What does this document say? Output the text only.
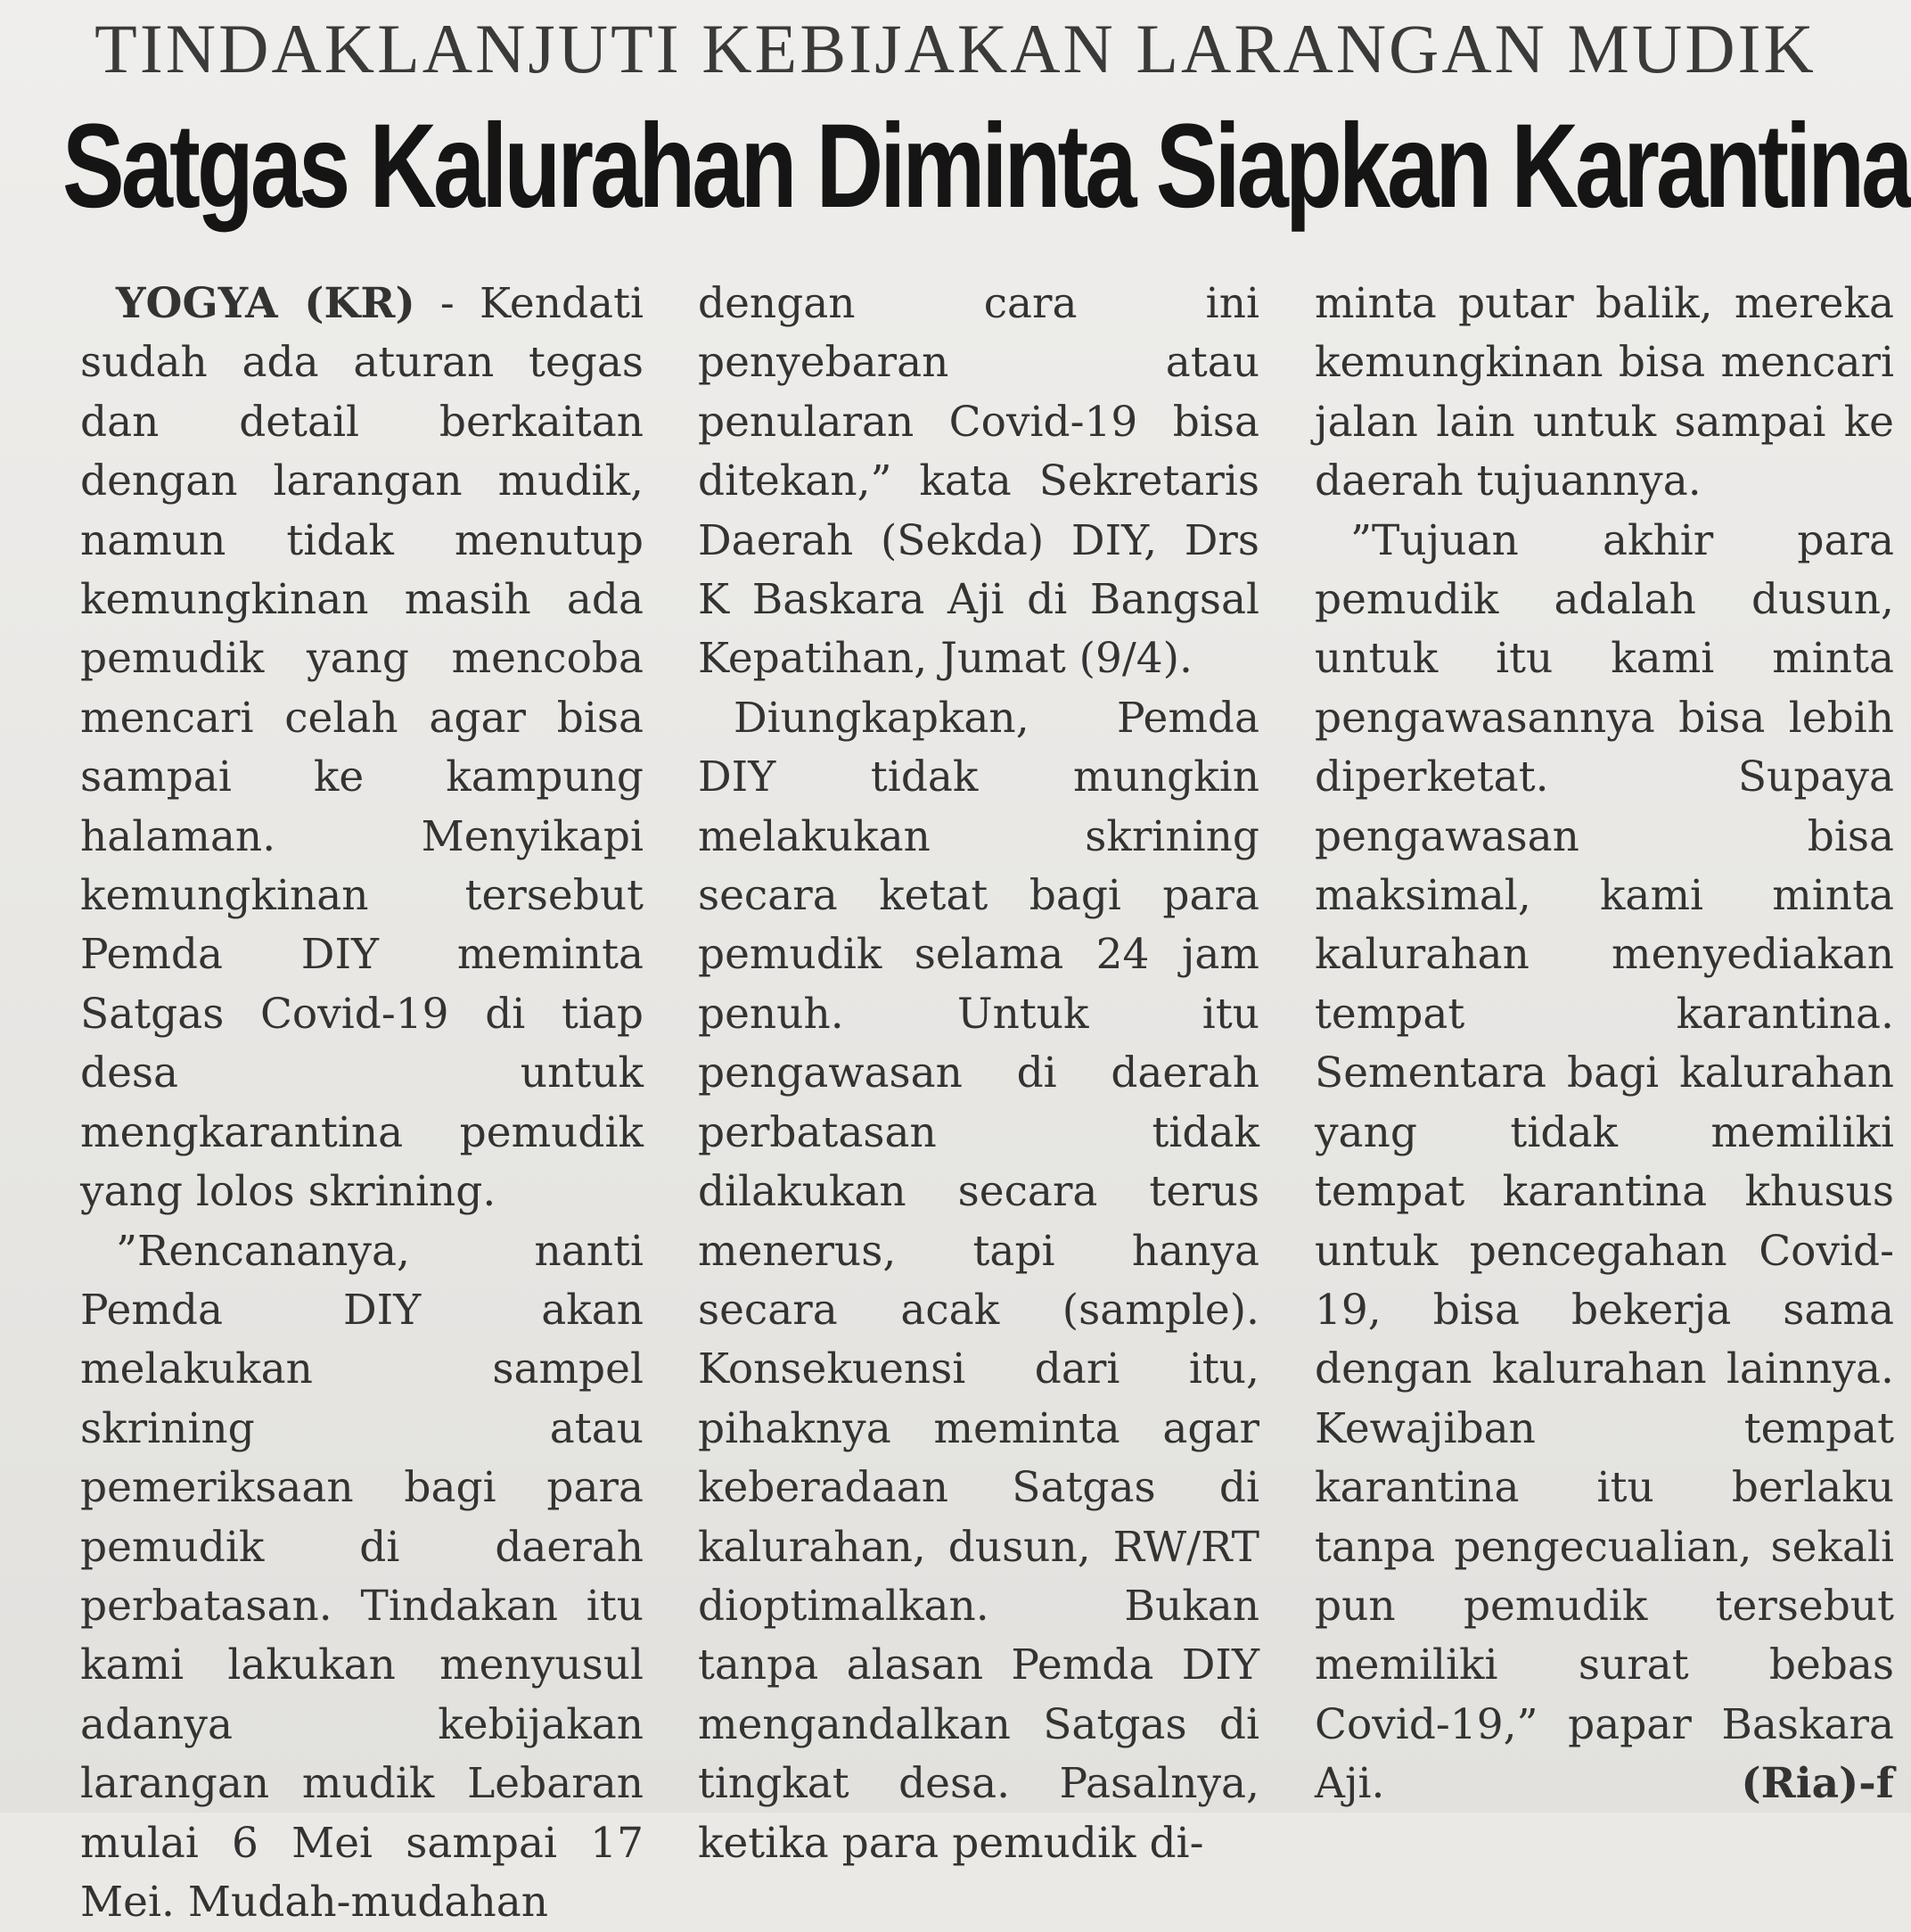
TINDAKLANJUTI KEBIJAKAN LARANGAN MUDIK
Satgas Kalurahan Diminta Siapkan Karantina

YOGYA (KR) - Kendati sudah ada aturan tegas dan detail berkaitan dengan larangan mudik, namun tidak menutup kemungkinan masih ada pemudik yang mencoba mencari celah agar bisa sampai ke kampung halaman. Menyikapi kemungkinan tersebut Pemda DIY meminta Satgas Covid-19 di tiap desa untuk mengkarantina pemudik yang lolos skrining.

”Rencananya, nanti Pemda DIY akan melakukan sampel skrining atau pemeriksaan bagi para pemudik di daerah perbatasan. Tindakan itu kami lakukan menyusul adanya kebijakan larangan mudik Lebaran mulai 6 Mei sampai 17 Mei. Mudah-mudahan

dengan cara ini penyebaran atau penularan Covid-19 bisa ditekan,” kata Sekretaris Daerah (Sekda) DIY, Drs K Baskara Aji di Bangsal Kepatihan, Jumat (9/4).

Diungkapkan, Pemda DIY tidak mungkin melakukan skrining secara ketat bagi para pemudik selama 24 jam penuh. Untuk itu pengawasan di daerah perbatasan tidak dilakukan secara terus menerus, tapi hanya secara acak (sample). Konsekuensi dari itu, pihaknya meminta agar keberadaan Satgas di kalurahan, dusun, RW/RT dioptimalkan. Bukan tanpa alasan Pemda DIY mengandalkan Satgas di tingkat desa. Pasalnya, ketika para pemudik di-

minta putar balik, mereka kemungkinan bisa mencari jalan lain untuk sampai ke daerah tujuannya.

”Tujuan akhir para pemudik adalah dusun, untuk itu kami minta pengawasannya bisa lebih diperketat. Supaya pengawasan bisa maksimal, kami minta kalurahan menyediakan tempat karantina. Sementara bagi kalurahan yang tidak memiliki tempat karantina khusus untuk pencegahan Covid-19, bisa bekerja sama dengan kalurahan lainnya. Kewajiban tempat karantina itu berlaku tanpa pengecualian, sekali pun pemudik tersebut memiliki surat bebas Covid-19,” papar Baskara Aji.	(Ria)-f
